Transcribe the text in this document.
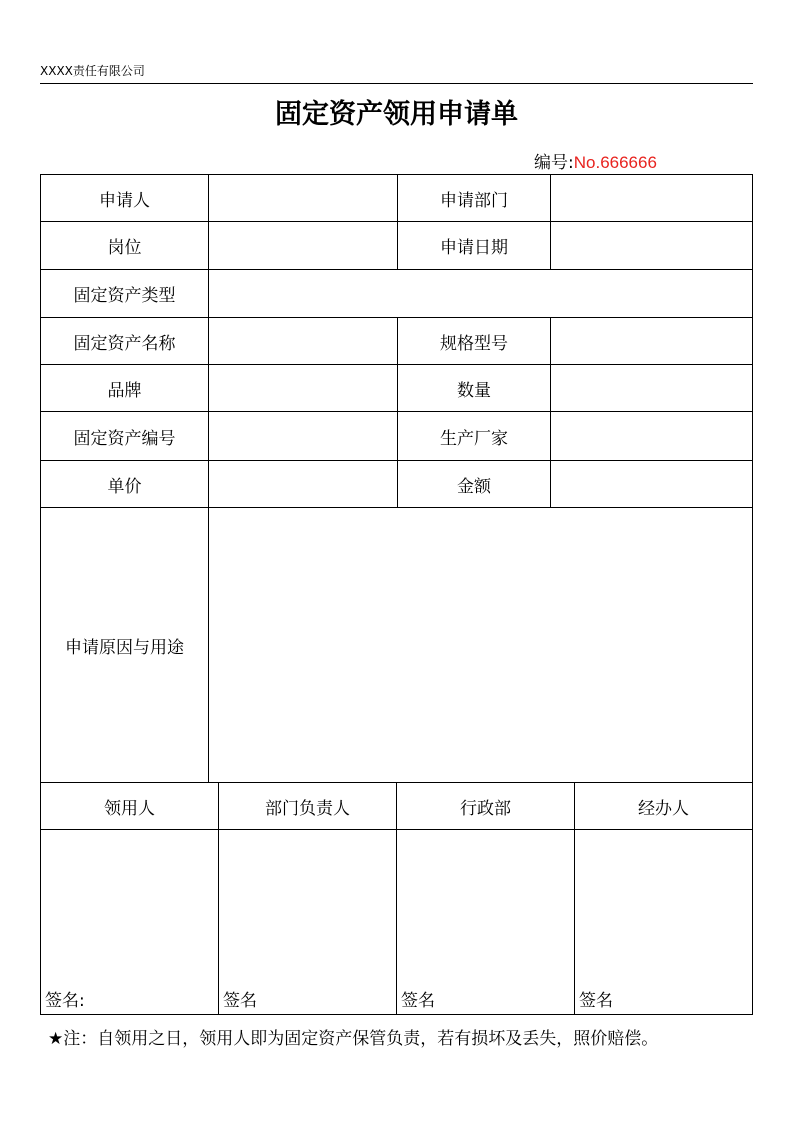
XXXX责任有限公司
固定资产领用申请单
编号:No.666666
申请人	申请部门
岗位	申请日期
固定资产类型
固定资产名称	规格型号
品牌	数量
固定资产编号	生产厂家
单价	金额
申请原因与用途
领用人	部门负责人	行政部	经办人
签名:	签名	签名	签名
★注：自领用之日，领用人即为固定资产保管负责，若有损坏及丢失，照价赔偿。
